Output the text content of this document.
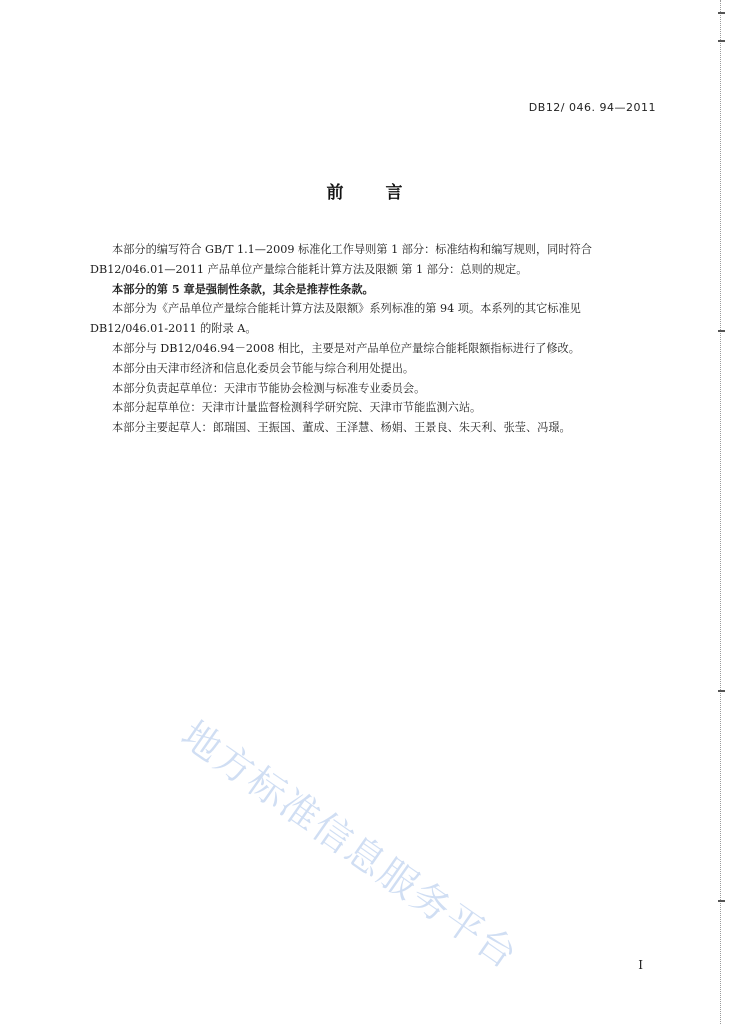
DB12/ 046. 94—2011
前 言

本部分的编写符合 GB/T 1.1—2009 标准化工作导则第 1 部分：标准结构和编写规则，同时符合

DB12/046.01—2011 产品单位产量综合能耗计算方法及限额 第 1 部分：总则的规定。

本部分的第 5 章是强制性条款，其余是推荐性条款。

本部分为《产品单位产量综合能耗计算方法及限额》系列标准的第 94 项。本系列的其它标准见

DB12/046.01-2011 的附录 A。

本部分与 DB12/046.94－2008 相比，主要是对产品单位产量综合能耗限额指标进行了修改。

本部分由天津市经济和信息化委员会节能与综合利用处提出。

本部分负责起草单位：天津市节能协会检测与标准专业委员会。

本部分起草单位：天津市计量监督检测科学研究院、天津市节能监测六站。

本部分主要起草人：郎瑞国、王振国、董成、王泽慧、杨娟、王景良、朱天利、张莹、冯璟。

地方标准信息服务平台	I
